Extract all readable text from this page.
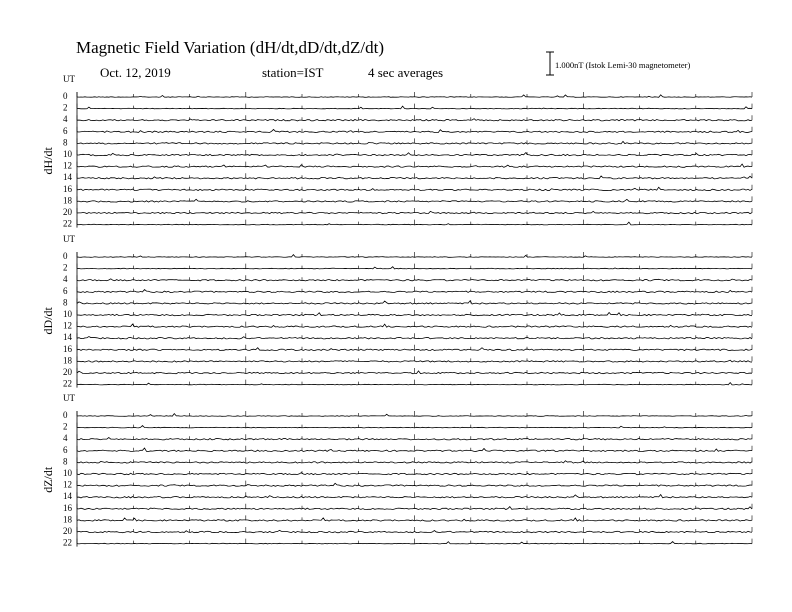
Magnetic Field Variation (dH/dt,dD/dt,dZ/dt)
Oct. 12, 2019	station=IST	4 sec averages	1.000nT (Istok Lemi-30 magnetometer)
UT
dH/dt
0
2
4
6
8
10
12
14
16
18
20
22
UT
dD/dt
0
2
4
6
8
10
12
14
16
18
20
22
UT
dZ/dt
0
2
4
6
8
10
12
14
16
18
20
22
